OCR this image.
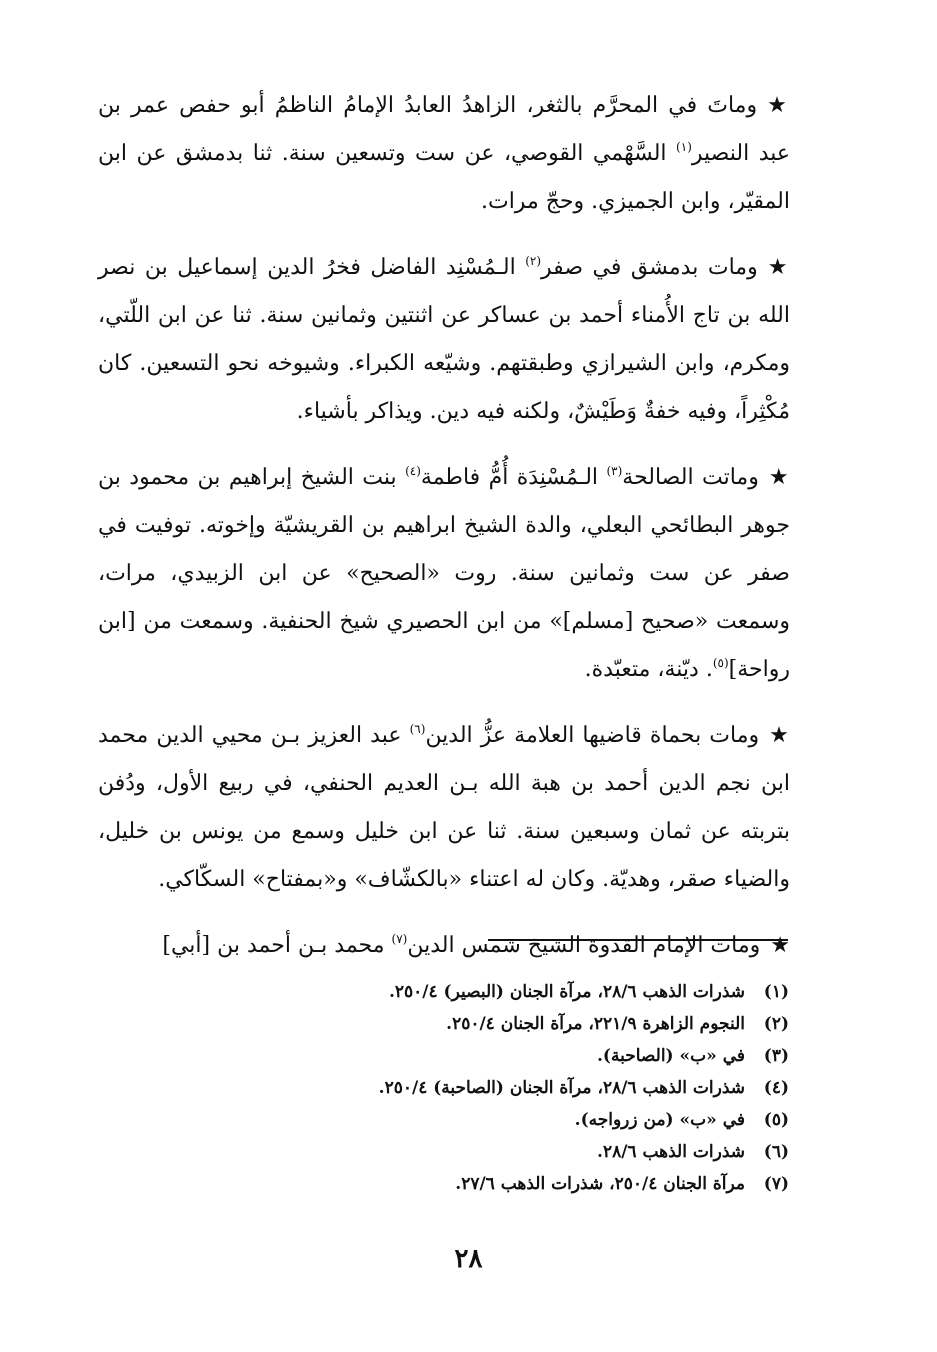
★وماتَ في المحرَّم بالثغر، الزاهدُ العابدُ الإمامُ الناظمُ أبو حفص عمر بن عبد النصير$^{(١)}$ السَّهْمي القوصي، عن ست وتسعين سنة. ثنا بدمشق عن ابن المقيّر، وابن الجميزي. وحجّ مرات.

★ومات بدمشق في صفر$^{(٢)}$ الـمُسْنِد الفاضل فخرُ الدين إسماعيل بن نصر الله بن تاج الأُمناء أحمد بن عساكر عن اثنتين وثمانين سنة. ثنا عن ابن اللّتي، ومكرم، وابن الشيرازي وطبقتهم. وشيّعه الكبراء. وشيوخه نحو التسعين. كان مُكْثِراً، وفيه خفةٌ وَطَيْشٌ، ولكنه فيه دين. ويذاكر بأشياء.

★وماتت الصالحة$^{(٣)}$ الـمُسْنِدَة أُمُّ فاطمة$^{(٤)}$ بنت الشيخ إبراهيم بن محمود بن جوهر البطائحي البعلي، والدة الشيخ ابراهيم بن القريشيّة وإخوته. توفيت في صفر عن ست وثمانين سنة. روت «الصحيح» عن ابن الزبيدي، مرات، وسمعت «صحيح [مسلم]» من ابن الحصيري شيخ الحنفية. وسمعت من [ابن رواحة]$^{(٥)}$. ديّنة، متعبّدة.

★ومات بحماة قاضيها العلامة عزُّ الدين$^{(٦)}$ عبد العزيز بـن محيي الدين محمد ابن نجم الدين أحمد بن هبة الله بـن العديم الحنفي، في ربيع الأول، ودُفن بتربته عن ثمان وسبعين سنة. ثنا عن ابن خليل وسمع من يونس بن خليل، والضياء صقر، وهديّة. وكان له اعتناء «بالكشّاف» و«بمفتاح» السكّاكي.

★ومات الإمام القدوة الشيخ شمس الدين$^{(٧)}$ محمد بـن أحمد بن [أبي]

(١)شذرات الذهب ٢٨/٦، مرآة الجنان (البصير) ٢٥٠/٤.
(٢)النجوم الزاهرة ٢٢١/٩، مرآة الجنان ٢٥٠/٤.
(٣)في «ب» (الصاحبة).
(٤)شذرات الذهب ٢٨/٦، مرآة الجنان (الصاحبة) ٢٥٠/٤.
(٥)في «ب» (من زرواجه).
(٦)شذرات الذهب ٢٨/٦.
(٧)مرآة الجنان ٢٥٠/٤، شذرات الذهب ٢٧/٦.
٢٨
